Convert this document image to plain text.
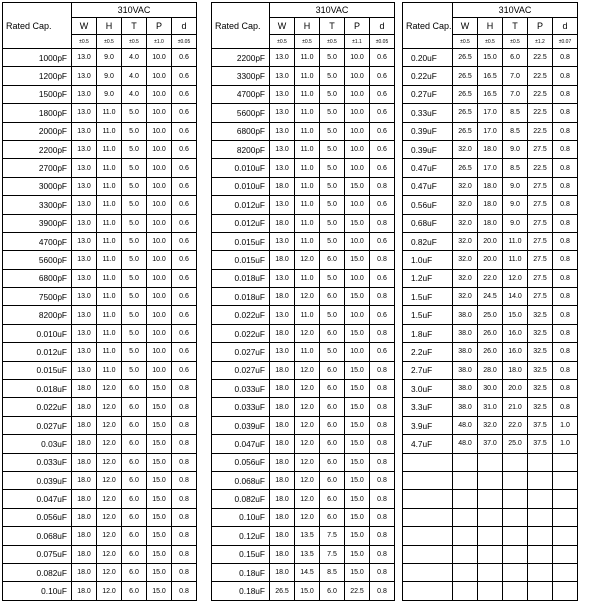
Rated Cap.	310VAC				
	W	H	T	P	d
	±0.5	±0.5	±0.5	±1.0	±0.05
1000pF	13.0	9.0	4.0	10.0	0.6
1200pF	13.0	9.0	4.0	10.0	0.6
1500pF	13.0	9.0	4.0	10.0	0.6
1800pF	13.0	11.0	5.0	10.0	0.6
2000pF	13.0	11.0	5.0	10.0	0.6
2200pF	13.0	11.0	5.0	10.0	0.6
2700pF	13.0	11.0	5.0	10.0	0.6
3000pF	13.0	11.0	5.0	10.0	0.6
3300pF	13.0	11.0	5.0	10.0	0.6
3900pF	13.0	11.0	5.0	10.0	0.6
4700pF	13.0	11.0	5.0	10.0	0.6
5600pF	13.0	11.0	5.0	10.0	0.6
6800pF	13.0	11.0	5.0	10.0	0.6
7500pF	13.0	11.0	5.0	10.0	0.6
8200pF	13.0	11.0	5.0	10.0	0.6
0.010uF	13.0	11.0	5.0	10.0	0.6
0.012uF	13.0	11.0	5.0	10.0	0.6
0.015uF	13.0	11.0	5.0	10.0	0.6
0.018uF	18.0	12.0	6.0	15.0	0.8
0.022uF	18.0	12.0	6.0	15.0	0.8
0.027uF	18.0	12.0	6.0	15.0	0.8
0.03uF	18.0	12.0	6.0	15.0	0.8
0.033uF	18.0	12.0	6.0	15.0	0.8
0.039uF	18.0	12.0	6.0	15.0	0.8
0.047uF	18.0	12.0	6.0	15.0	0.8
0.056uF	18.0	12.0	6.0	15.0	0.8
0.068uF	18.0	12.0	6.0	15.0	0.8
0.075uF	18.0	12.0	6.0	15.0	0.8
0.082uF	18.0	12.0	6.0	15.0	0.8
0.10uF	18.0	12.0	6.0	15.0	0.8
Rated Cap.	310VAC				
	W	H	T	P	d
	±0.5	±0.5	±0.5	±1.1	±0.05
2200pF	13.0	11.0	5.0	10.0	0.6
3300pF	13.0	11.0	5.0	10.0	0.6
4700pF	13.0	11.0	5.0	10.0	0.6
5600pF	13.0	11.0	5.0	10.0	0.6
6800pF	13.0	11.0	5.0	10.0	0.6
8200pF	13.0	11.0	5.0	10.0	0.6
0.010uF	13.0	11.0	5.0	10.0	0.6
0.010uF	18.0	11.0	5.0	15.0	0.8
0.012uF	13.0	11.0	5.0	10.0	0.6
0.012uF	18.0	11.0	5.0	15.0	0.8
0.015uF	13.0	11.0	5.0	10.0	0.6
0.015uF	18.0	12.0	6.0	15.0	0.8
0.018uF	13.0	11.0	5.0	10.0	0.6
0.018uF	18.0	12.0	6.0	15.0	0.8
0.022uF	13.0	11.0	5.0	10.0	0.6
0.022uF	18.0	12.0	6.0	15.0	0.8
0.027uF	13.0	11.0	5.0	10.0	0.6
0.027uF	18.0	12.0	6.0	15.0	0.8
0.033uF	18.0	12.0	6.0	15.0	0.8
0.033uF	18.0	12.0	6.0	15.0	0.8
0.039uF	18.0	12.0	6.0	15.0	0.8
0.047uF	18.0	12.0	6.0	15.0	0.8
0.056uF	18.0	12.0	6.0	15.0	0.8
0.068uF	18.0	12.0	6.0	15.0	0.8
0.082uF	18.0	12.0	6.0	15.0	0.8
0.10uF	18.0	12.0	6.0	15.0	0.8
0.12uF	18.0	13.5	7.5	15.0	0.8
0.15uF	18.0	13.5	7.5	15.0	0.8
0.18uF	18.0	14.5	8.5	15.0	0.8
0.18uF	26.5	15.0	6.0	22.5	0.8
Rated Cap.	310VAC				
	W	H	T	P	d
	±0.5	±0.5	±0.5	±1.2	±0.07
0.20uF	26.5	15.0	6.0	22.5	0.8
0.22uF	26.5	16.5	7.0	22.5	0.8
0.27uF	26.5	16.5	7.0	22.5	0.8
0.33uF	26.5	17.0	8.5	22.5	0.8
0.39uF	26.5	17.0	8.5	22.5	0.8
0.39uF	32.0	18.0	9.0	27.5	0.8
0.47uF	26.5	17.0	8.5	22.5	0.8
0.47uF	32.0	18.0	9.0	27.5	0.8
0.56uF	32.0	18.0	9.0	27.5	0.8
0.68uF	32.0	18.0	9.0	27.5	0.8
0.82uF	32.0	20.0	11.0	27.5	0.8
1.0uF	32.0	20.0	11.0	27.5	0.8
1.2uF	32.0	22.0	12.0	27.5	0.8
1.5uF	32.0	24.5	14.0	27.5	0.8
1.5uF	38.0	25.0	15.0	32.5	0.8
1.8uF	38.0	26.0	16.0	32.5	0.8
2.2uF	38.0	26.0	16.0	32.5	0.8
2.7uF	38.0	28.0	18.0	32.5	0.8
3.0uF	38.0	30.0	20.0	32.5	0.8
3.3uF	38.0	31.0	21.0	32.5	0.8
3.9uF	48.0	32.0	22.0	37.5	1.0
4.7uF	48.0	37.0	25.0	37.5	1.0
